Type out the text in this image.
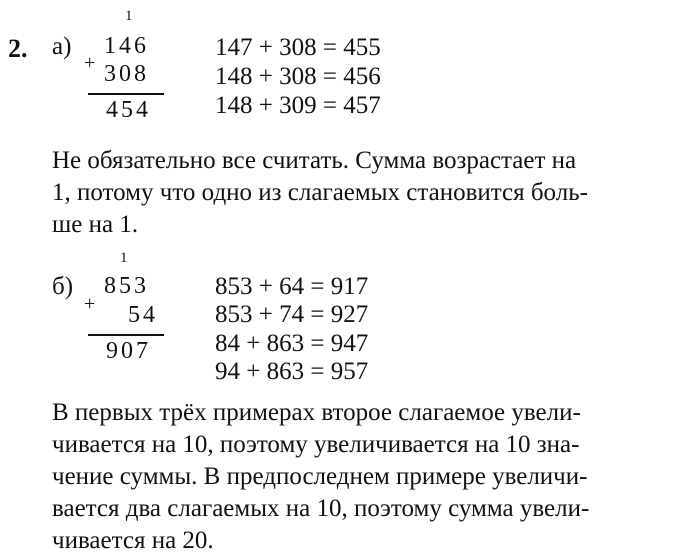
2. а)
1
+
146
308
454
147 + 308 = 455
148 + 308 = 456
148 + 309 = 457
Не обязательно все считать. Сумма возрастает на
1, потому что одно из слагаемых становится боль-
ше на 1.
б)
1
+
853
54
907
853 + 64 = 917
853 + 74 = 927
84 + 863 = 947
94 + 863 = 957
В первых трёх примерах второе слагаемое увели-
чивается на 10, поэтому увеличивается на 10 зна-
чение суммы. В предпоследнем примере увеличи-
вается два слагаемых на 10, поэтому сумма увели-
чивается на 20.
